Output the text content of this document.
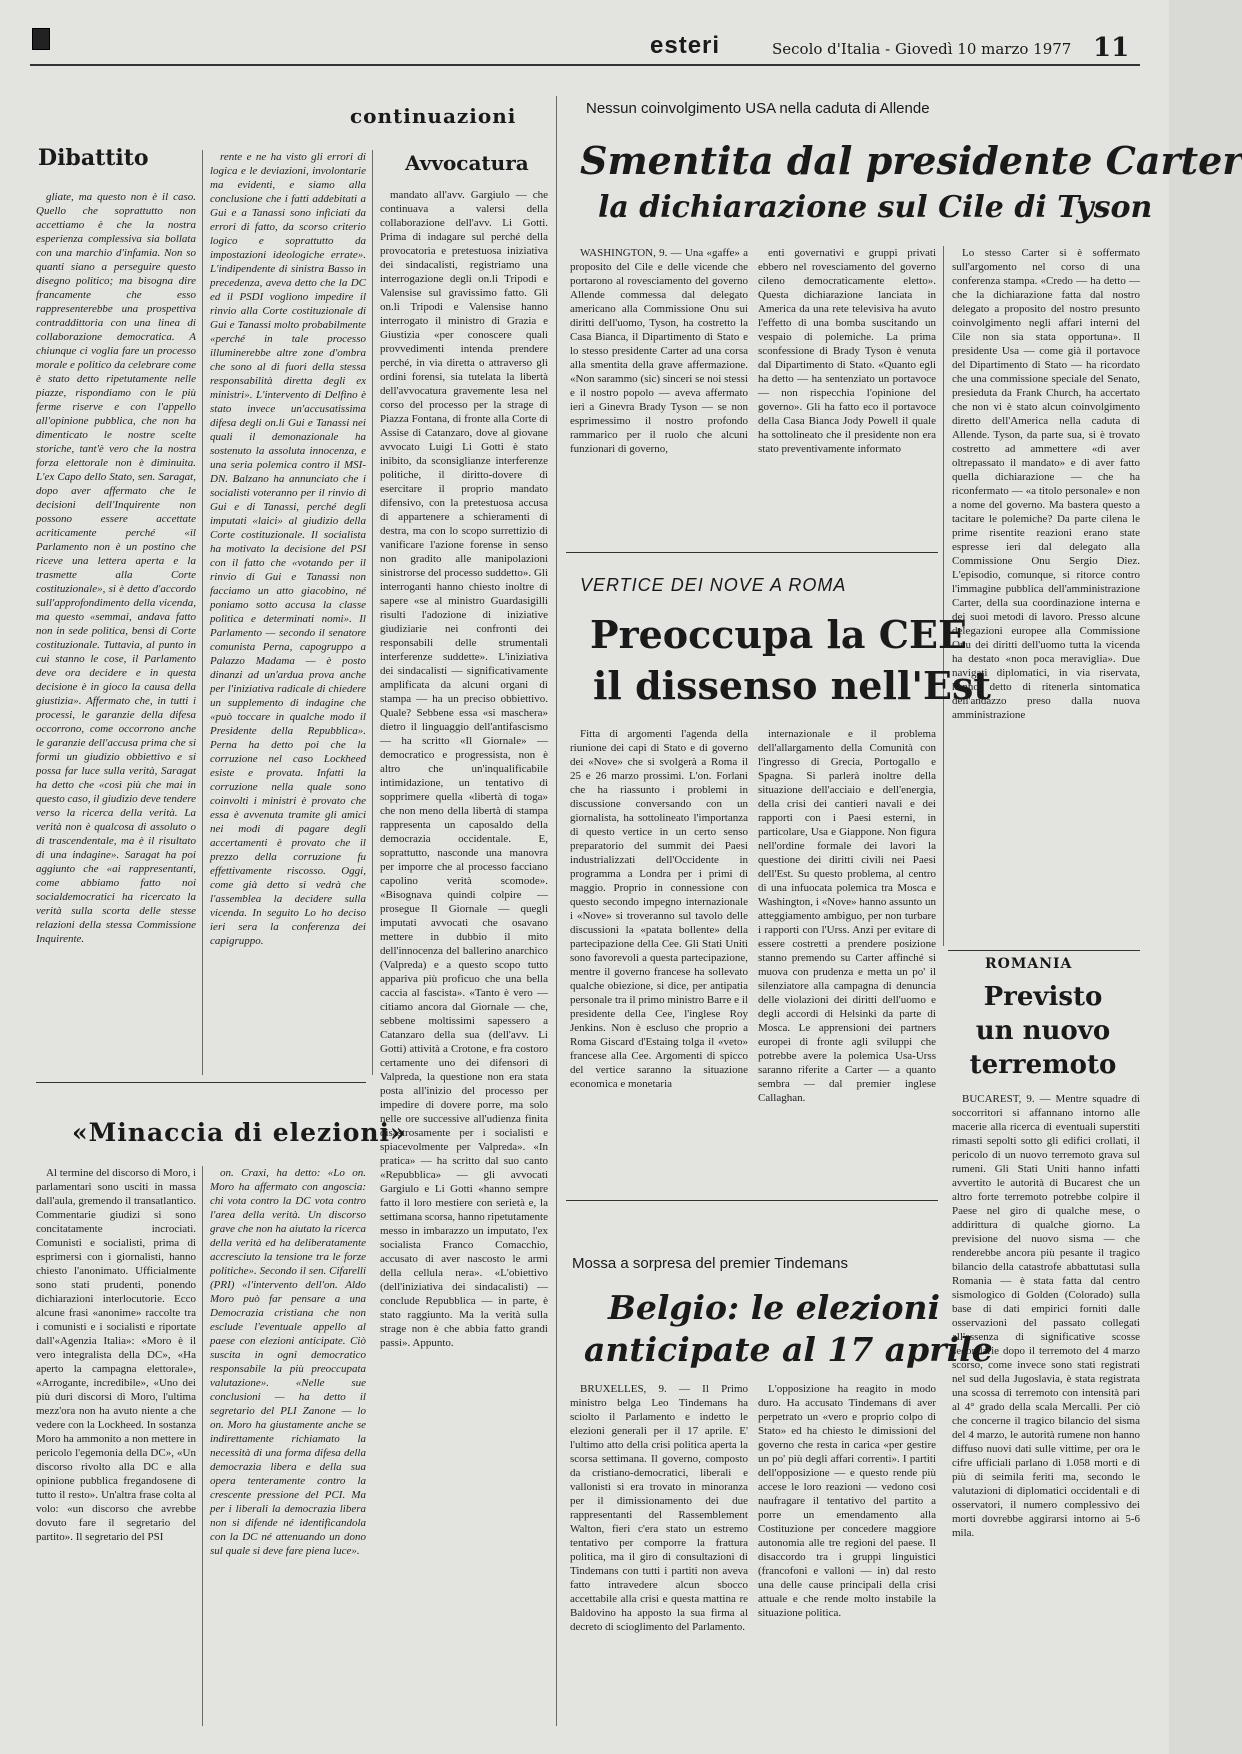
esteri	Secolo d'Italia - Giovedì 10 marzo 1977 11
continuazioni
Dibattito

gliate, ma questo non è il caso. Quello che soprattutto non accettiamo è che la nostra esperienza complessiva sia bollata con una marchio d'infamia. Non so quanti siano a perseguire questo disegno politico; ma bisogna dire francamente che esso rappresenterebbe una prospettiva contraddittoria con una linea di collaborazione democratica. A chiunque ci voglia fare un processo morale e politico da celebrare come è stato detto ripetutamente nelle piazze, rispondiamo con le più ferme riserve e con l'appello all'opinione pubblica, che non ha dimenticato le nostre scelte storiche, tant'è vero che la nostra forza elettorale non è diminuita. L'ex Capo dello Stato, sen. Saragat, dopo aver affermato che le decisioni dell'Inquirente non possono essere accettate acriticamente perché «il Parlamento non è un postino che riceve una lettera aperta e la trasmette alla Corte costituzionale», si è detto d'accordo sull'approfondimento della vicenda, ma questo «semmai, andava fatto non in sede politica, bensì di Corte costituzionale. Tuttavia, al punto in cui stanno le cose, il Parlamento deve ora decidere e in questa decisione è in gioco la causa della giustizia». Affermato che, in tutti i processi, le garanzie della difesa occorrono, come occorrono anche le garanzie dell'accusa prima che si formi un giudizio obbiettivo e si possa far luce sulla verità, Saragat ha detto che «così più che mai in questo caso, il giudizio deve tendere verso la ricerca della verità. La verità non è qualcosa di assoluto o di trascendentale, ma è il risultato di una indagine». Saragat ha poi aggiunto che «ai rappresentanti, come abbiamo fatto noi socialdemocratici ha ricercato la verità sulla scorta delle stesse relazioni della stessa Commissione Inquirente.

rente e ne ha visto gli errori di logica e le deviazioni, involontarie ma evidenti, e siamo alla conclusione che i fatti addebitati a Gui e a Tanassi sono inficiati da errori di fatto, da scorso criterio logico e soprattutto da impostazioni ideologiche errate». L'indipendente di sinistra Basso in precedenza, aveva detto che la DC ed il PSDI vogliono impedire il rinvio alla Corte costituzionale di Gui e Tanassi molto probabilmente «perché in tale processo illuminerebbe altre zone d'ombra che sono al di fuori della stessa responsabilità diretta degli ex ministri». L'intervento di Delfino è stato invece un'accusatissima difesa degli on.li Gui e Tanassi nei quali il demonazionale ha sostenuto la assoluta innocenza, e una seria polemica contro il MSI-DN. Balzano ha annunciato che i socialisti voteranno per il rinvio di Gui e di Tanassi, perché degli imputati «laici» al giudizio della Corte costituzionale. Il socialista ha motivato la decisione del PSI con il fatto che «votando per il rinvio di Gui e Tanassi non facciamo un atto giacobino, né poniamo sotto accusa la classe politica e determinati nomi». Il Parlamento — secondo il senatore comunista Perna, capogruppo a Palazzo Madama — è posto dinanzi ad un'ardua prova anche per l'iniziativa radicale di chiedere un supplemento di indagine che «può toccare in qualche modo il Presidente della Repubblica». Perna ha detto poi che la corruzione nel caso Lockheed esiste e provata. Infatti la corruzione nella quale sono coinvolti i ministri è provato che essa è avvenuta tramite gli amici nei modi di pagare degli accertamenti è provato che il prezzo della corruzione fu effettivamente riscosso. Oggi, come già detto si vedrà che l'assemblea la decidere sulla vicenda. In seguito Lo ho deciso ieri sera la conferenza dei capigruppo.

Avvocatura

mandato all'avv. Gargiulo — che continuava a valersi della collaborazione dell'avv. Li Gotti. Prima di indagare sul perché della provocatoria e pretestuosa iniziativa dei sindacalisti, registriamo una interrogazione degli on.li Tripodi e Valensise sul gravissimo fatto. Gli on.li Tripodi e Valensise hanno interrogato il ministro di Grazia e Giustizia «per conoscere quali provvedimenti intenda prendere perché, in via diretta o attraverso gli ordini forensi, sia tutelata la libertà dell'avvocatura gravemente lesa nel corso del processo per la strage di Piazza Fontana, di fronte alla Corte di Assise di Catanzaro, dove al giovane avvocato Luigi Li Gotti è stato inibito, da sconsiglianze interferenze politiche, il diritto-dovere di esercitare il proprio mandato difensivo, con la pretestuosa accusa di appartenere a schieramenti di destra, ma con lo scopo surrettizio di vanificare l'azione forense in senso non gradito alle manipolazioni sinistrorse del processo suddetto». Gli interroganti hanno chiesto inoltre di sapere «se al ministro Guardasigilli risulti l'adozione di iniziative giudiziarie nei confronti dei responsabili delle strumentali interferenze suddette». L'iniziativa dei sindacalisti — significativamente amplificata da alcuni organi di stampa — ha un preciso obbiettivo. Quale? Sebbene essa «si maschera» dietro il linguaggio dell'antifascismo — ha scritto «Il Giornale» — democratico e progressista, non è altro che un'inqualificabile intimidazione, un tentativo di sopprimere quella «libertà di toga» che non meno della libertà di stampa rappresenta un caposaldo della democrazia occidentale. E, soprattutto, nasconde una manovra per imporre che al processo facciano capolino verità scomode». «Bisognava quindi colpire — prosegue Il Giornale — quegli imputati avvocati che osavano mettere in dubbio il mito dell'innocenza del ballerino anarchico (Valpreda) e a questo scopo tutto appariva più proficuo che una bella caccia al fascista». «Tanto è vero — citiamo ancora dal Giornale — che, sebbene moltissimi sapessero a Catanzaro della sua (dell'avv. Li Gotti) attività a Crotone, e fra costoro certamente uno dei difensori di Valpreda, la questione non era stata posta all'inizio del processo per impedire di dovere porre, ma solo nelle ore successive all'udienza finita disastrosamente per i socialisti e spiacevolmente per Valpreda». «In pratica» — ha scritto dal suo canto «Repubblica» — gli avvocati Gargiulo e Li Gotti «hanno sempre fatto il loro mestiere con serietà e, la settimana scorsa, hanno ripetutamente messo in imbarazzo un imputato, l'ex socialista Franco Comacchio, accusato di aver nascosto le armi della cellula nera». «L'obiettivo (dell'iniziativa dei sindacalisti) — conclude Repubblica — in parte, è stato raggiunto. Ma la verità sulla strage non è che abbia fatto grandi passi». Appunto.

«Minaccia di elezioni»

Al termine del discorso di Moro, i parlamentari sono usciti in massa dall'aula, gremendo il transatlantico. Commentarie giudizi si sono concitatamente incrociati. Comunisti e socialisti, prima di esprimersi con i giornalisti, hanno chiesto l'anonimato. Ufficialmente sono stati prudenti, ponendo dichiarazioni interlocutorie. Ecco alcune frasi «anonime» raccolte tra i comunisti e i socialisti e riportate dall'«Agenzia Italia»: «Moro è il vero integralista della DC», «Ha aperto la campagna elettorale», «Arrogante, incredibile», «Uno dei più duri discorsi di Moro, l'ultima mezz'ora non ha avuto niente a che vedere con la Lockheed. In sostanza Moro ha ammonito a non mettere in pericolo l'egemonia della DC», «Un discorso rivolto alla DC e alla opinione pubblica fregandosene di tutto il resto». Un'altra frase colta al volo: «un discorso che avrebbe dovuto fare il segretario del partito». Il segretario del PSI

on. Craxi, ha detto: «Lo on. Moro ha affermato con angoscia: chi vota contro la DC vota contro l'area della verità. Un discorso grave che non ha aiutato la ricerca della verità ed ha deliberatamente accresciuto la tensione tra le forze politiche». Secondo il sen. Cifarelli (PRI) «l'intervento dell'on. Aldo Moro può far pensare a una Democrazia cristiana che non esclude l'eventuale appello al paese con elezioni anticipate. Ciò suscita in ogni democratico responsabile la più preoccupata valutazione». «Nelle sue conclusioni — ha detto il segretario del PLI Zanone — lo on. Moro ha giustamente anche se indirettamente richiamato la necessità di una forma difesa della democrazia libera e della sua opera tenteramente contro la crescente pressione del PCI. Ma per i liberali la democrazia libera non si difende né identificandola con la DC né attenuando un dono sul quale si deve fare piena luce».

Nessun coinvolgimento USA nella caduta di Allende
Smentita dal presidente Carter
la dichiarazione sul Cile di Tyson

WASHINGTON, 9. — Una «gaffe» a proposito del Cile e delle vicende che portarono al rovesciamento del governo Allende commessa dal delegato americano alla Commissione Onu sui diritti dell'uomo, Tyson, ha costretto la Casa Bianca, il Dipartimento di Stato e lo stesso presidente Carter ad una corsa alla smentita della grave affermazione. «Non sarammo (sic) sinceri se noi stessi e il nostro popolo — aveva affermato ieri a Ginevra Brady Tyson — se non esprimessimo il nostro profondo rammarico per il ruolo che alcuni funzionari di governo,

enti governativi e gruppi privati ebbero nel rovesciamento del governo cileno democraticamente eletto». Questa dichiarazione lanciata in America da una rete televisiva ha avuto l'effetto di una bomba suscitando un vespaio di polemiche. La prima sconfessione di Brady Tyson è venuta dal Dipartimento di Stato. «Quanto egli ha detto — ha sentenziato un portavoce — non rispecchia l'opinione del governo». Gli ha fatto eco il portavoce della Casa Bianca Jody Powell il quale ha sottolineato che il presidente non era stato preventivamente informato

Lo stesso Carter si è soffermato sull'argomento nel corso di una conferenza stampa. «Credo — ha detto — che la dichiarazione fatta dal nostro delegato a proposito del nostro presunto coinvolgimento negli affari interni del Cile non sia stata opportuna». Il presidente Usa — come già il portavoce del Dipartimento di Stato — ha ricordato che una commissione speciale del Senato, presieduta da Frank Church, ha accertato che non vi è stato alcun coinvolgimento diretto dell'America nella caduta di Allende. Tyson, da parte sua, si è trovato costretto ad ammettere «di aver oltrepassato il mandato» e di aver fatto quella dichiarazione — che ha riconfermato — «a titolo personale» e non a nome del governo. Ma bastera questo a tacitare le polemiche? Da parte cilena le prime risentite reazioni erano state espresse ieri dal delegato alla Commissione Onu Sergio Diez. L'episodio, comunque, si ritorce contro l'immagine pubblica dell'amministrazione Carter, della sua coordinazione interna e dei suoi metodi di lavoro. Presso alcune delegazioni europee alla Commissione Onu dei diritti dell'uomo tutta la vicenda ha destato «non poca meraviglia». Due navigati diplomatici, in via riservata, hanno detto di ritenerla sintomatica dell'andazzo preso dalla nuova amministrazione

VERTICE DEI NOVE A ROMA
Preoccupa la CEE
il dissenso nell'Est

Fitta di argomenti l'agenda della riunione dei capi di Stato e di governo dei «Nove» che si svolgerà a Roma il 25 e 26 marzo prossimi. L'on. Forlani che ha riassunto i problemi in discussione conversando con un giornalista, ha sottolineato l'importanza di questo vertice in un certo senso preparatorio del summit dei Paesi industrializzati dell'Occidente in programma a Londra per i primi di maggio. Proprio in connessione con questo secondo impegno internazionale i «Nove» si troveranno sul tavolo delle discussioni la «patata bollente» della partecipazione della Cee. Gli Stati Uniti sono favorevoli a questa partecipazione, mentre il governo francese ha sollevato qualche obiezione, si dice, per antipatia personale tra il primo ministro Barre e il presidente della Cee, l'inglese Roy Jenkins. Non è escluso che proprio a Roma Giscard d'Estaing tolga il «veto» francese alla Cee. Argomenti di spicco del vertice saranno la situazione economica e monetaria

internazionale e il problema dell'allargamento della Comunità con l'ingresso di Grecia, Portogallo e Spagna. Si parlerà inoltre della situazione dell'acciaio e dell'energia, della crisi dei cantieri navali e dei rapporti con i Paesi esterni, in particolare, Usa e Giappone. Non figura nell'ordine formale dei lavori la questione dei diritti civili nei Paesi dell'Est. Su questo problema, al centro di una infuocata polemica tra Mosca e Washington, i «Nove» hanno assunto un atteggiamento ambiguo, per non turbare i rapporti con l'Urss. Anzi per evitare di essere costretti a prendere posizione stanno premendo su Carter affinché si muova con prudenza e metta un po' il silenziatore alla campagna di denuncia delle violazioni dei diritti dell'uomo e degli accordi di Helsinki da parte di Mosca. Le apprensioni dei partners europei di fronte agli sviluppi che potrebbe avere la polemica Usa-Urss saranno riferite a Carter — a quanto sembra — dal premier inglese Callaghan.

ROMANIA
Previsto
un nuovo
terremoto

BUCAREST, 9. — Mentre squadre di soccorritori si affannano intorno alle macerie alla ricerca di eventuali superstiti rimasti sepolti sotto gli edifici crollati, il pericolo di un nuovo terremoto grava sul rumeni. Gli Stati Uniti hanno infatti avvertito le autorità di Bucarest che un altro forte terremoto potrebbe colpire il Paese nel giro di qualche mese, o addirittura di qualche giorno. La previsione del nuovo sisma — che renderebbe ancora più pesante il tragico bilancio della catastrofe abbattutasi sulla Romania — è stata fatta dal centro sismologico di Golden (Colorado) sulla base di dati empirici forniti dalle osservazioni del passato collegati all'assenza di significative scosse secondarie dopo il terremoto del 4 marzo scorso, come invece sono stati registrati nel sud della Jugoslavia, è stata registrata una scossa di terremoto con intensità pari al 4° grado della scala Mercalli. Per ciò che concerne il tragico bilancio del sisma del 4 marzo, le autorità rumene non hanno diffuso nuovi dati sulle vittime, per ora le cifre ufficiali parlano di 1.058 morti e di più di seimila feriti ma, secondo le valutazioni di diplomatici occidentali e di osservatori, il numero complessivo dei morti dovrebbe aggirarsi intorno ai 5-6 mila.

Mossa a sorpresa del premier Tindemans
Belgio: le elezioni
anticipate al 17 aprile

BRUXELLES, 9. — Il Primo ministro belga Leo Tindemans ha sciolto il Parlamento e indetto le elezioni generali per il 17 aprile. E' l'ultimo atto della crisi politica aperta la scorsa settimana. Il governo, composto da cristiano-democratici, liberali e vallonisti si era trovato in minoranza per il dimissionamento dei due rappresentanti del Rassemblement Walton, fieri c'era stato un estremo tentativo per comporre la frattura politica, ma il giro di consultazioni di Tindemans con tutti i partiti non aveva fatto intravedere alcun sbocco accettabile alla crisi e questa mattina re Baldovino ha apposto la sua firma al decreto di scioglimento del Parlamento.

L'opposizione ha reagito in modo duro. Ha accusato Tindemans di aver perpetrato un «vero e proprio colpo di Stato» ed ha chiesto le dimissioni del governo che resta in carica «per gestire un po' più degli affari correnti». I partiti dell'opposizione — e questo rende più accese le loro reazioni — vedono così naufragare il tentativo del partito a porre un emendamento alla Costituzione per concedere maggiore autonomia alle tre regioni del paese. Il disaccordo tra i gruppi linguistici (francofoni e valloni — in) dal resto una delle cause principali della crisi attuale e che rende molto instabile la situazione politica.
